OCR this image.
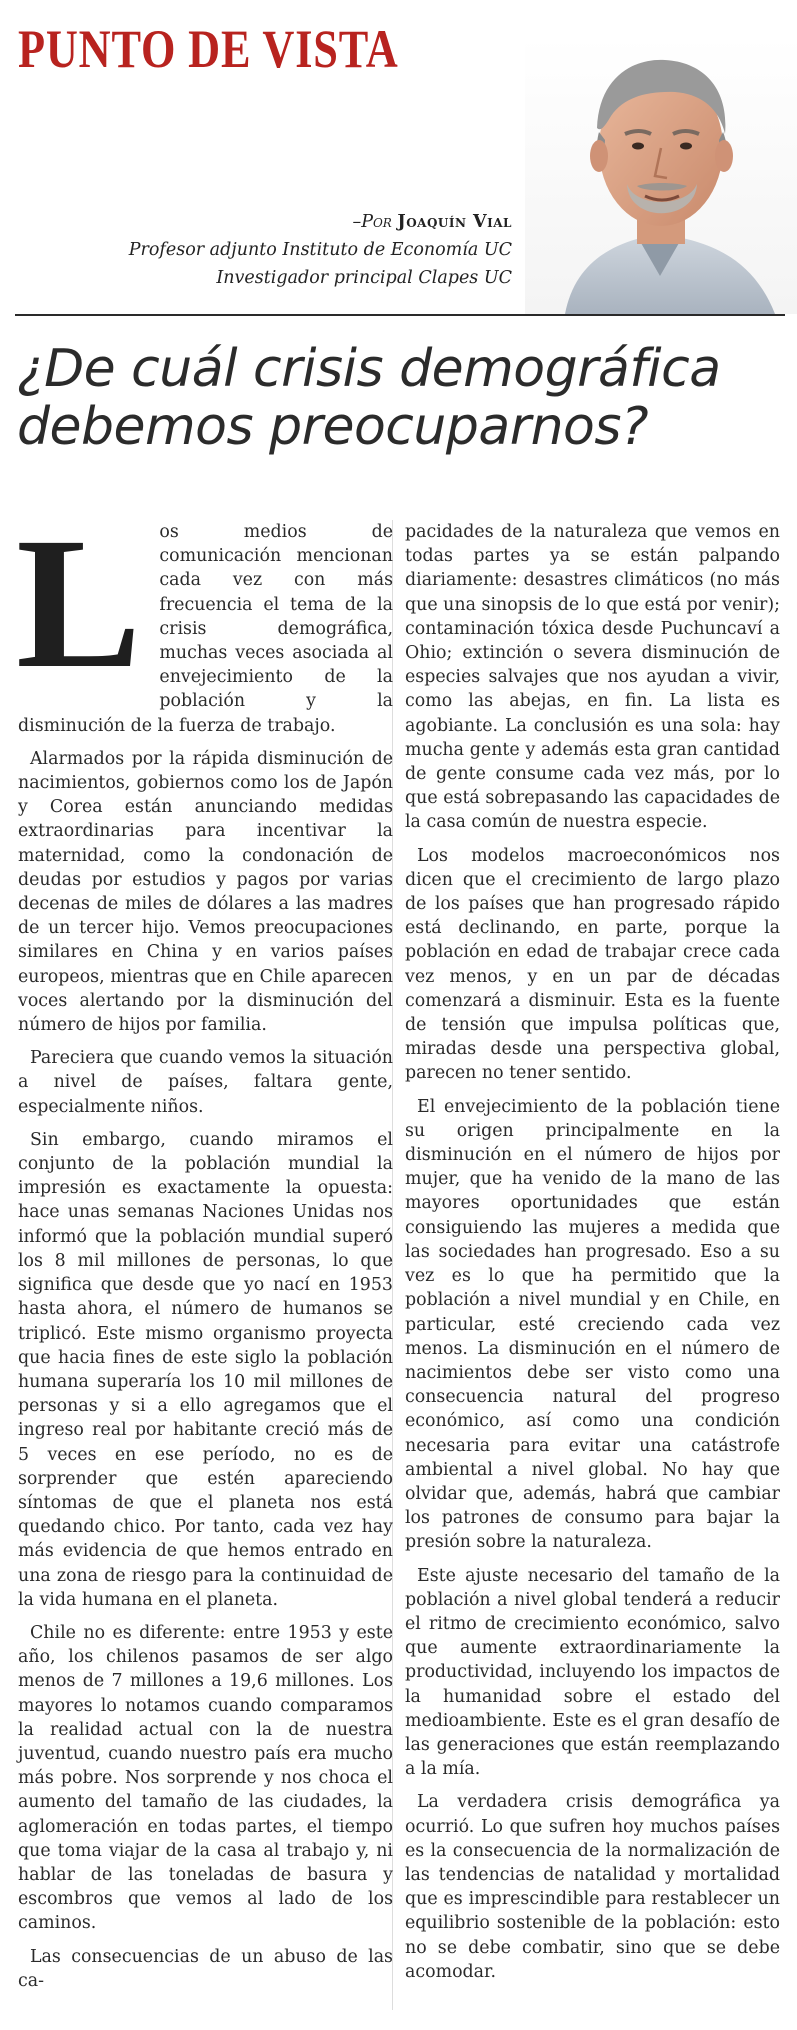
PUNTO DE VISTA
–Por Joaquín Vial
Profesor adjunto Instituto de Economía UC
Investigador principal Clapes UC
¿De cuál crisis demográfica debemos preocuparnos?

L os medios de comunicación mencionan cada vez con más frecuencia el tema de la crisis demográfica, muchas veces asociada al envejecimiento de la población y la disminución de la fuerza de trabajo.

Alarmados por la rápida disminución de nacimientos, gobiernos como los de Japón y Corea están anunciando medidas extraordinarias para incentivar la maternidad, como la condonación de deudas por estudios y pagos por varias decenas de miles de dólares a las madres de un tercer hijo. Vemos preocupaciones similares en China y en varios países europeos, mientras que en Chile aparecen voces alertando por la disminución del número de hijos por familia.

Pareciera que cuando vemos la situación a nivel de países, faltara gente, especialmente niños.

Sin embargo, cuando miramos el conjunto de la población mundial la impresión es exactamente la opuesta: hace unas semanas Naciones Unidas nos informó que la población mundial superó los 8 mil millones de personas, lo que significa que desde que yo nací en 1953 hasta ahora, el número de humanos se triplicó. Este mismo organismo proyecta que hacia fines de este siglo la población humana superaría los 10 mil millones de personas y si a ello agregamos que el ingreso real por habitante creció más de 5 veces en ese período, no es de sorprender que estén apareciendo síntomas de que el planeta nos está quedando chico. Por tanto, cada vez hay más evidencia de que hemos entrado en una zona de riesgo para la continuidad de la vida humana en el planeta.

Chile no es diferente: entre 1953 y este año, los chilenos pasamos de ser algo menos de 7 millones a 19,6 millones. Los mayores lo notamos cuando comparamos la realidad actual con la de nuestra juventud, cuando nuestro país era mucho más pobre. Nos sorprende y nos choca el aumento del tamaño de las ciudades, la aglomeración en todas partes, el tiempo que toma viajar de la casa al trabajo y, ni hablar de las toneladas de basura y escombros que vemos al lado de los caminos.

Las consecuencias de un abuso de las ca-

pacidades de la naturaleza que vemos en todas partes ya se están palpando diariamente: desastres climáticos (no más que una sinopsis de lo que está por venir); contaminación tóxica desde Puchuncaví a Ohio; extinción o severa disminución de especies salvajes que nos ayudan a vivir, como las abejas, en fin. La lista es agobiante. La conclusión es una sola: hay mucha gente y además esta gran cantidad de gente consume cada vez más, por lo que está sobrepasando las capacidades de la casa común de nuestra especie.

Los modelos macroeconómicos nos dicen que el crecimiento de largo plazo de los países que han progresado rápido está declinando, en parte, porque la población en edad de trabajar crece cada vez menos, y en un par de décadas comenzará a disminuir. Esta es la fuente de tensión que impulsa políticas que, miradas desde una perspectiva global, parecen no tener sentido.

El envejecimiento de la población tiene su origen principalmente en la disminución en el número de hijos por mujer, que ha venido de la mano de las mayores oportunidades que están consiguiendo las mujeres a medida que las sociedades han progresado. Eso a su vez es lo que ha permitido que la población a nivel mundial y en Chile, en particular, esté creciendo cada vez menos. La disminución en el número de nacimientos debe ser visto como una consecuencia natural del progreso económico, así como una condición necesaria para evitar una catástrofe ambiental a nivel global. No hay que olvidar que, además, habrá que cambiar los patrones de consumo para bajar la presión sobre la naturaleza.

Este ajuste necesario del tamaño de la población a nivel global tenderá a reducir el ritmo de crecimiento económico, salvo que aumente extraordinariamente la productividad, incluyendo los impactos de la humanidad sobre el estado del medioambiente. Este es el gran desafío de las generaciones que están reemplazando a la mía.

La verdadera crisis demográfica ya ocurrió. Lo que sufren hoy muchos países es la consecuencia de la normalización de las tendencias de natalidad y mortalidad que es imprescindible para restablecer un equilibrio sostenible de la población: esto no se debe combatir, sino que se debe acomodar.
